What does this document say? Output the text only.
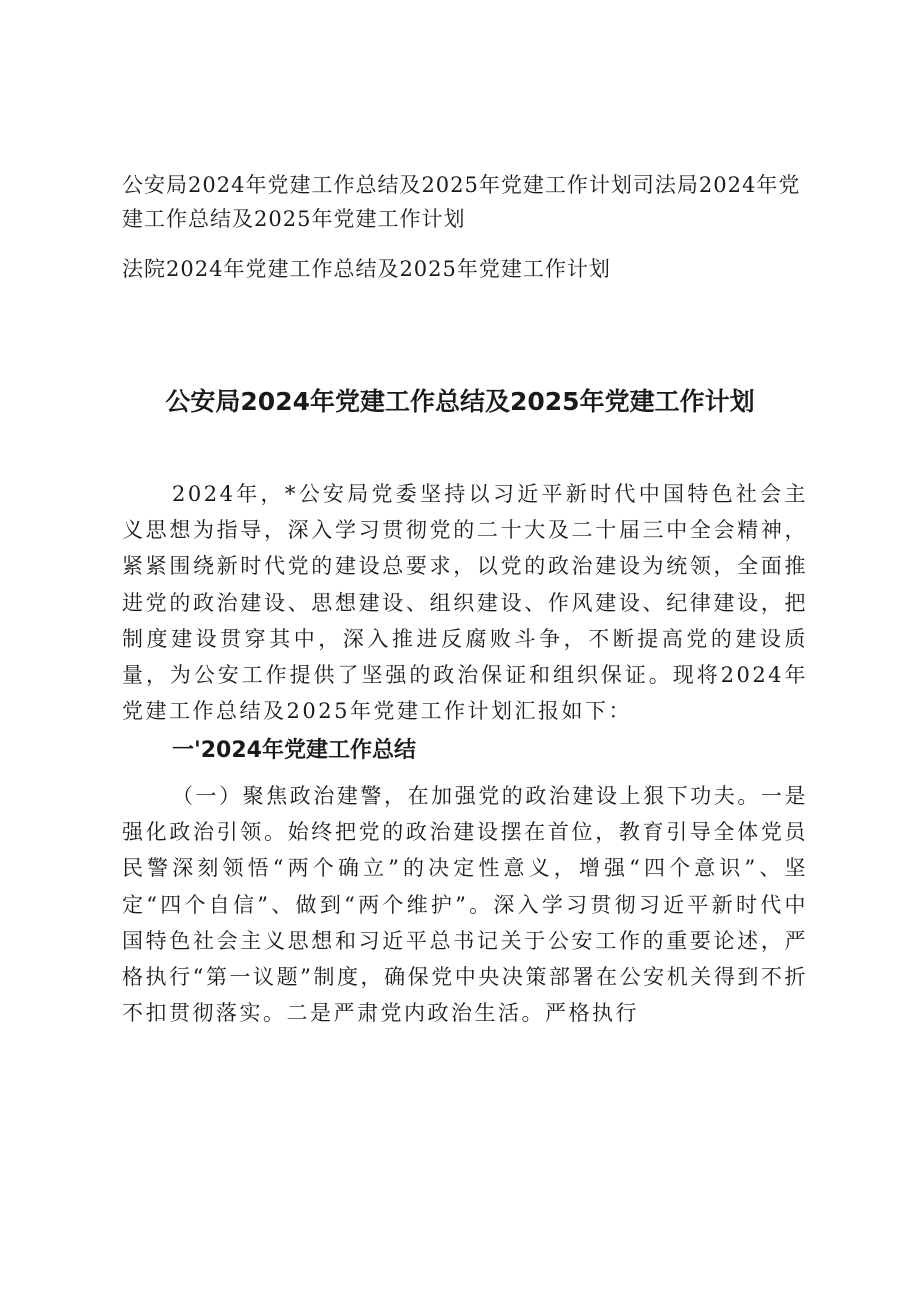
公安局2024年党建工作总结及2025年党建工作计划司法局2024年党建工作总结及2025年党建工作计划

法院2024年党建工作总结及2025年党建工作计划

公安局2024年党建工作总结及2025年党建工作计划

2024年，*公安局党委坚持以习近平新时代中国特色社会主义思想为指导，深入学习贯彻党的二十大及二十届三中全会精神，紧紧围绕新时代党的建设总要求，以党的政治建设为统领，全面推进党的政治建设、思想建设、组织建设、作风建设、纪律建设，把制度建设贯穿其中，深入推进反腐败斗争，不断提高党的建设质量，为公安工作提供了坚强的政治保证和组织保证。现将2024年党建工作总结及2025年党建工作计划汇报如下：

一'2024年党建工作总结

（一）聚焦政治建警，在加强党的政治建设上狠下功夫。一是强化政治引领。始终把党的政治建设摆在首位，教育引导全体党员民警深刻领悟“两个确立”的决定性意义，增强“四个意识”、坚定“四个自信”、做到“两个维护”。深入学习贯彻习近平新时代中国特色社会主义思想和习近平总书记关于公安工作的重要论述，严格执行“第一议题”制度，确保党中央决策部署在公安机关得到不折不扣贯彻落实。二是严肃党内政治生活。严格执行
